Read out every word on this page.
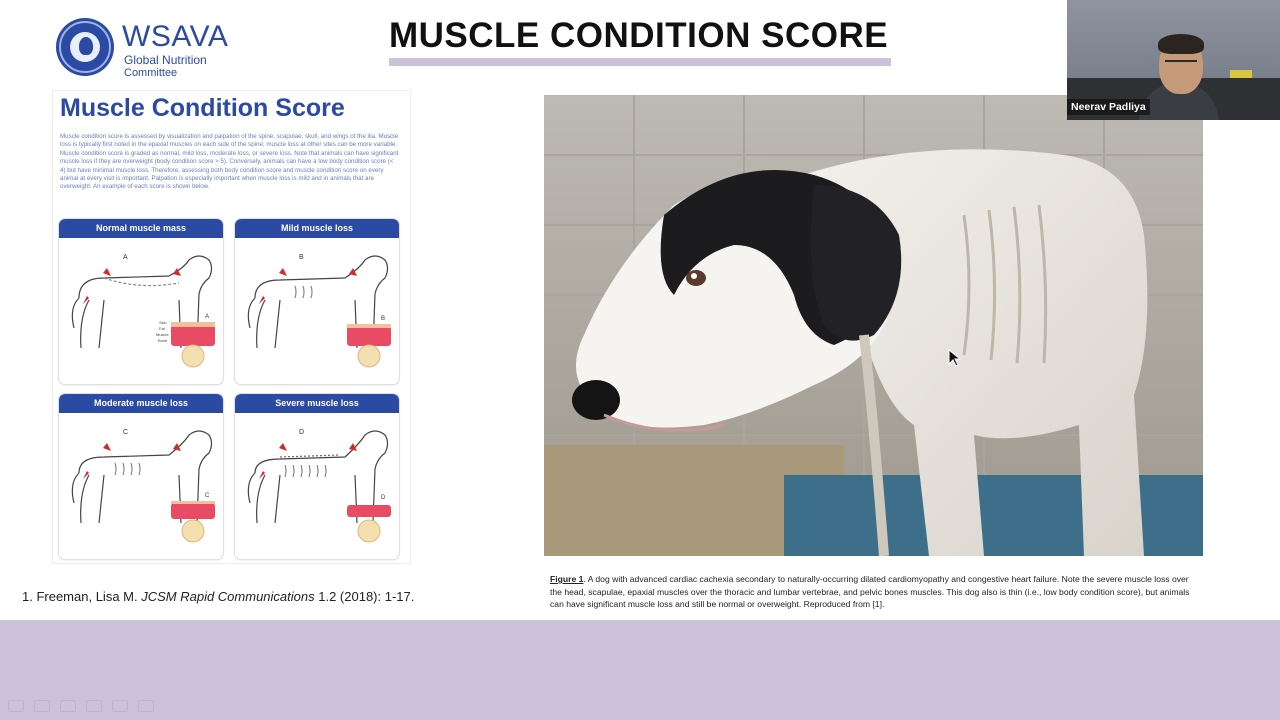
WSAVA
Global Nutrition
Committee
MUSCLE CONDITION SCORE
Muscle Condition Score

Muscle condition score is assessed by visualization and palpation of the spine, scapulae, skull, and wings of the ilia. Muscle loss is typically first noted in the epaxial muscles on each side of the spine; muscle loss at other sites can be more variable. Muscle condition score is graded as normal, mild loss, moderate loss, or severe loss. Note that animals can have significant muscle loss if they are overweight (body condition score > 5). Conversely, animals can have a low body condition score (< 4) but have minimal muscle loss. Therefore, assessing both body condition score and muscle condition score on every animal at every visit is important. Palpation is especially important when muscle loss is mild and in animals that are overweight. An example of each score is shown below.

Normal muscle mass
A
A
Skin
Fat
Muscle
Bone
Mild muscle loss
B
B
Moderate muscle loss
C
C
Severe muscle loss
D
D
Figure 1. A dog with advanced cardiac cachexia secondary to naturally-occurring dilated cardiomyopathy and congestive heart failure. Note the severe muscle loss over the head, scapulae, epaxial muscles over the thoracic and lumbar vertebrae, and pelvic bones muscles. This dog also is thin (i.e., low body condition score), but animals can have significant muscle loss and still be normal or overweight. Reproduced from [1].
1. Freeman, Lisa M. JCSM Rapid Communications 1.2 (2018): 1-17.
Neerav Padliya
